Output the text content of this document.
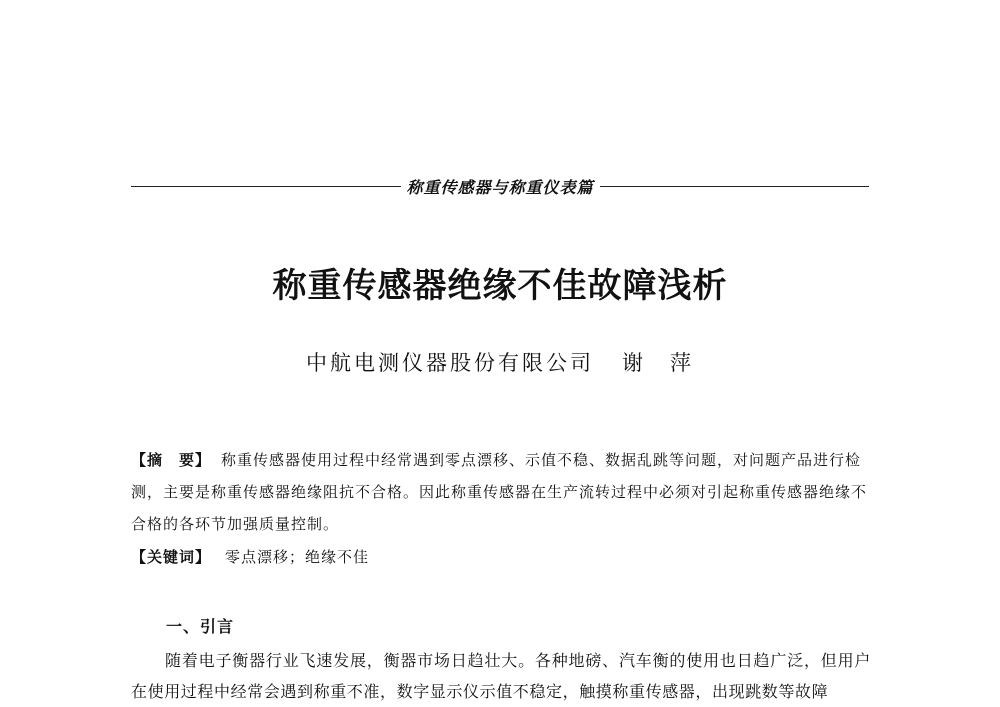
称重传感器与称重仪表篇
称重传感器绝缘不佳故障浅析
中航电测仪器股份有限公司 谢　萍
【摘　要】 称重传感器使用过程中经常遇到零点漂移、示值不稳、数据乱跳等问题，对问题产品进行检测，主要是称重传感器绝缘阻抗不合格。因此称重传感器在生产流转过程中必须对引起称重传感器绝缘不合格的各环节加强质量控制。
【关键词】 零点漂移；绝缘不佳
一、引言
随着电子衡器行业飞速发展，衡器市场日趋壮大。各种地磅、汽车衡的使用也日趋广泛，但用户在使用过程中经常会遇到称重不准，数字显示仪示值不稳定，触摸称重传感器，出现跳数等故障
